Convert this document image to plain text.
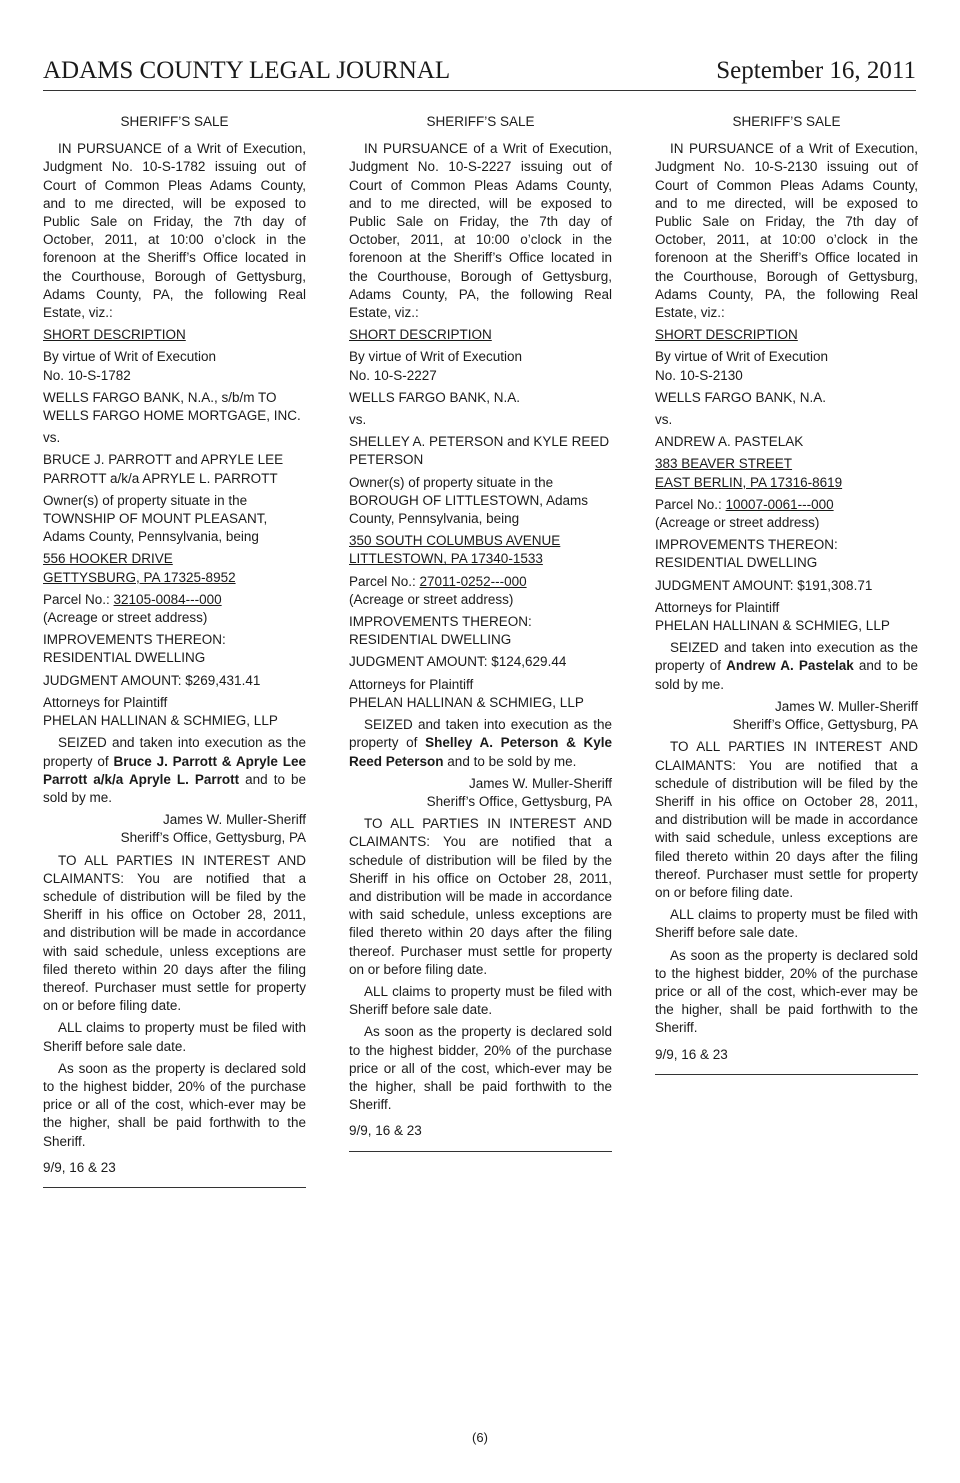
ADAMS COUNTY LEGAL JOURNAL	September 16, 2011

SHERIFF’S SALE

IN PURSUANCE of a Writ of Execution, Judgment No. 10-S-1782 issuing out of Court of Common Pleas Adams County, and to me directed, will be exposed to Public Sale on Friday, the 7th day of October, 2011, at 10:00 o’clock in the forenoon at the Sheriff’s Office located in the Courthouse, Borough of Gettysburg, Adams County, PA, the following Real Estate, viz.:

SHORT DESCRIPTION

By virtue of Writ of Execution
No. 10-S-1782

WELLS FARGO BANK, N.A., s/b/m TO WELLS FARGO HOME MORTGAGE, INC.

vs.

BRUCE J. PARROTT and APRYLE LEE PARROTT a/k/a APRYLE L. PARROTT

Owner(s) of property situate in the TOWNSHIP OF MOUNT PLEASANT, Adams County, Pennsylvania, being

556 HOOKER DRIVE
GETTYSBURG, PA 17325-8952

Parcel No.: 32105-0084---000
(Acreage or street address)

IMPROVEMENTS THEREON:
RESIDENTIAL DWELLING

JUDGMENT AMOUNT: $269,431.41

Attorneys for Plaintiff
PHELAN HALLINAN & SCHMIEG, LLP

SEIZED and taken into execution as the property of Bruce J. Parrott & Apryle Lee Parrott a/k/a Apryle L. Parrott and to be sold by me.

James W. Muller-Sheriff
Sheriff’s Office, Gettysburg, PA

TO ALL PARTIES IN INTEREST AND CLAIMANTS: You are notified that a schedule of distribution will be filed by the Sheriff in his office on October 28, 2011, and distribution will be made in accordance with said schedule, unless exceptions are filed thereto within 20 days after the filing thereof. Purchaser must settle for property on or before filing date.

ALL claims to property must be filed with Sheriff before sale date.

As soon as the property is declared sold to the highest bidder, 20% of the purchase price or all of the cost, which-ever may be the higher, shall be paid forthwith to the Sheriff.

9/9, 16 & 23

SHERIFF’S SALE

IN PURSUANCE of a Writ of Execution, Judgment No. 10-S-2227 issuing out of Court of Common Pleas Adams County, and to me directed, will be exposed to Public Sale on Friday, the 7th day of October, 2011, at 10:00 o’clock in the forenoon at the Sheriff’s Office located in the Courthouse, Borough of Gettysburg, Adams County, PA, the following Real Estate, viz.:

SHORT DESCRIPTION

By virtue of Writ of Execution
No. 10-S-2227

WELLS FARGO BANK, N.A.

vs.

SHELLEY A. PETERSON and KYLE REED PETERSON

Owner(s) of property situate in the BOROUGH OF LITTLESTOWN, Adams County, Pennsylvania, being

350 SOUTH COLUMBUS AVENUE
LITTLESTOWN, PA 17340-1533

Parcel No.: 27011-0252---000
(Acreage or street address)

IMPROVEMENTS THEREON:
RESIDENTIAL DWELLING

JUDGMENT AMOUNT: $124,629.44

Attorneys for Plaintiff
PHELAN HALLINAN & SCHMIEG, LLP

SEIZED and taken into execution as the property of Shelley A. Peterson & Kyle Reed Peterson and to be sold by me.

James W. Muller-Sheriff
Sheriff’s Office, Gettysburg, PA

TO ALL PARTIES IN INTEREST AND CLAIMANTS: You are notified that a schedule of distribution will be filed by the Sheriff in his office on October 28, 2011, and distribution will be made in accordance with said schedule, unless exceptions are filed thereto within 20 days after the filing thereof. Purchaser must settle for property on or before filing date.

ALL claims to property must be filed with Sheriff before sale date.

As soon as the property is declared sold to the highest bidder, 20% of the purchase price or all of the cost, which-ever may be the higher, shall be paid forthwith to the Sheriff.

9/9, 16 & 23

SHERIFF’S SALE

IN PURSUANCE of a Writ of Execution, Judgment No. 10-S-2130 issuing out of Court of Common Pleas Adams County, and to me directed, will be exposed to Public Sale on Friday, the 7th day of October, 2011, at 10:00 o’clock in the forenoon at the Sheriff’s Office located in the Courthouse, Borough of Gettysburg, Adams County, PA, the following Real Estate, viz.:

SHORT DESCRIPTION

By virtue of Writ of Execution
No. 10-S-2130

WELLS FARGO BANK, N.A.

vs.

ANDREW A. PASTELAK

383 BEAVER STREET
EAST BERLIN, PA 17316-8619

Parcel No.: 10007-0061---000
(Acreage or street address)

IMPROVEMENTS THEREON:
RESIDENTIAL DWELLING

JUDGMENT AMOUNT: $191,308.71

Attorneys for Plaintiff
PHELAN HALLINAN & SCHMIEG, LLP

SEIZED and taken into execution as the property of Andrew A. Pastelak and to be sold by me.

James W. Muller-Sheriff
Sheriff’s Office, Gettysburg, PA

TO ALL PARTIES IN INTEREST AND CLAIMANTS: You are notified that a schedule of distribution will be filed by the Sheriff in his office on October 28, 2011, and distribution will be made in accordance with said schedule, unless exceptions are filed thereto within 20 days after the filing thereof. Purchaser must settle for property on or before filing date.

ALL claims to property must be filed with Sheriff before sale date.

As soon as the property is declared sold to the highest bidder, 20% of the purchase price or all of the cost, which-ever may be the higher, shall be paid forthwith to the Sheriff.

9/9, 16 & 23

(6)
